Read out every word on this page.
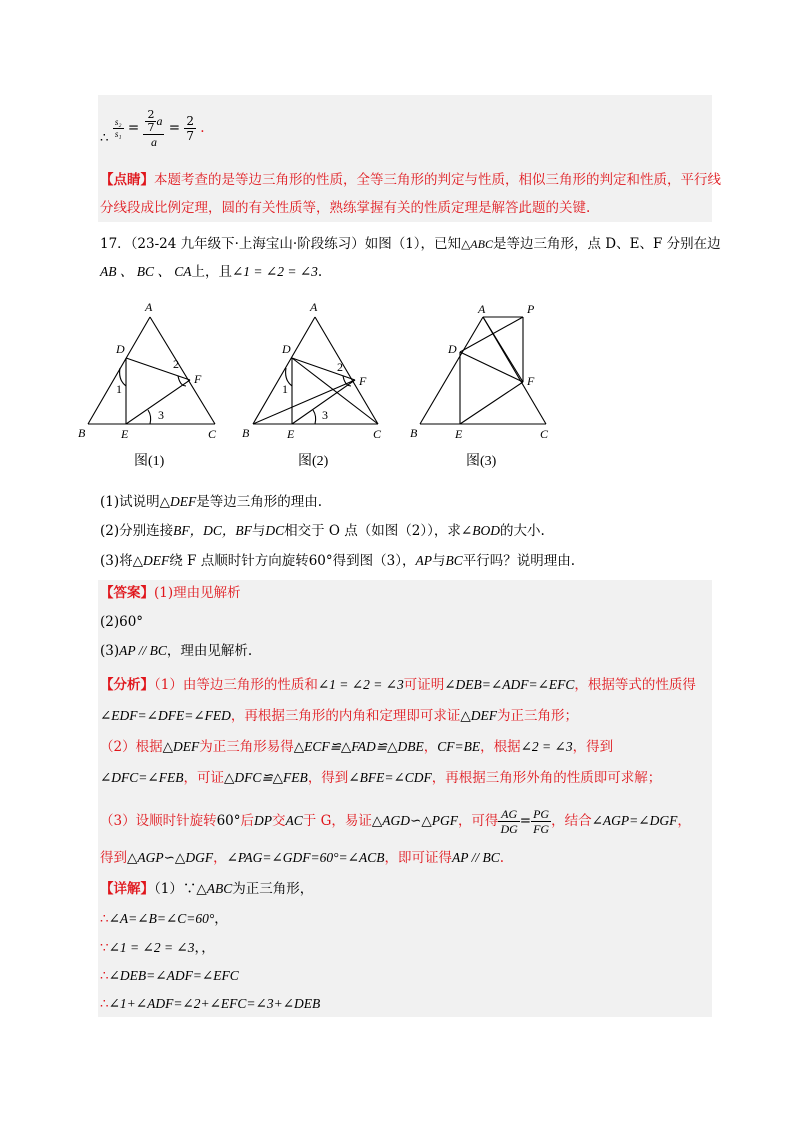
∴ $\frac{\text{s₂}}{\text{s₁}} = \frac{\frac{2}{7} a}{a} = \frac{2}{7}$ .
【点睛】本题考查的是等边三角形的性质，全等三角形的判定与性质，相似三角形的判定和性质，平行线
分线段成比例定理，圆的有关性质等，熟练掌握有关的性质定理是解答此题的关键.
17．（23-24 九年级下·上海宝山·阶段练习）如图（1），已知△ABC是等边三角形，点 D、E、F 分别在边
AB 、 BC 、 CA上，且∠1 = ∠2 = ∠3.
A
D
F
B	E	C
1
2
3
A
D
F
B	E	C
1
2
3
A	P
D
F
B	E	C
图(1)	图(2)	图(3)
(1)试说明△DEF是等边三角形的理由.
(2)分别连接BF，DC，BF与DC相交于 O 点（如图（2）），求∠BOD的大小.
(3)将△DEF绕 F 点顺时针方向旋转60°得到图（3），AP与BC平行吗？说明理由.
【答案】(1)理由见解析
(2)60°
(3)AP // BC，理由见解析.
【分析】（1）由等边三角形的性质和∠1 = ∠2 = ∠3可证明∠DEB=∠ADF=∠EFC，根据等式的性质得
∠EDF=∠DFE=∠FED，再根据三角形的内角和定理即可求证△DEF为正三角形；
（2）根据△DEF为正三角形易得△ECF≌△FAD≌△DBE，CF=BE，根据∠2 = ∠3，得到
∠DFC=∠FEB，可证△DFC≌△FEB，得到∠BFE=∠CDF，再根据三角形外角的性质即可求解；
（3）设顺时针旋转60°后DP交AC于 G，易证△AGD∽△PGF，可得 $\frac{AG}{DG} = \frac{PG}{FG}$ ，结合∠AGP=∠DGF，
得到△AGP∽△DGF，∠PAG=∠GDF=60°=∠ACB，即可证得AP // BC.
【详解】（1）∵△ABC为正三角形，
∴∠A=∠B=∠C=60°，
∵∠1 = ∠2 = ∠3，，
∴∠DEB=∠ADF=∠EFC
∴∠1+∠ADF=∠2+∠EFC=∠3+∠DEB
